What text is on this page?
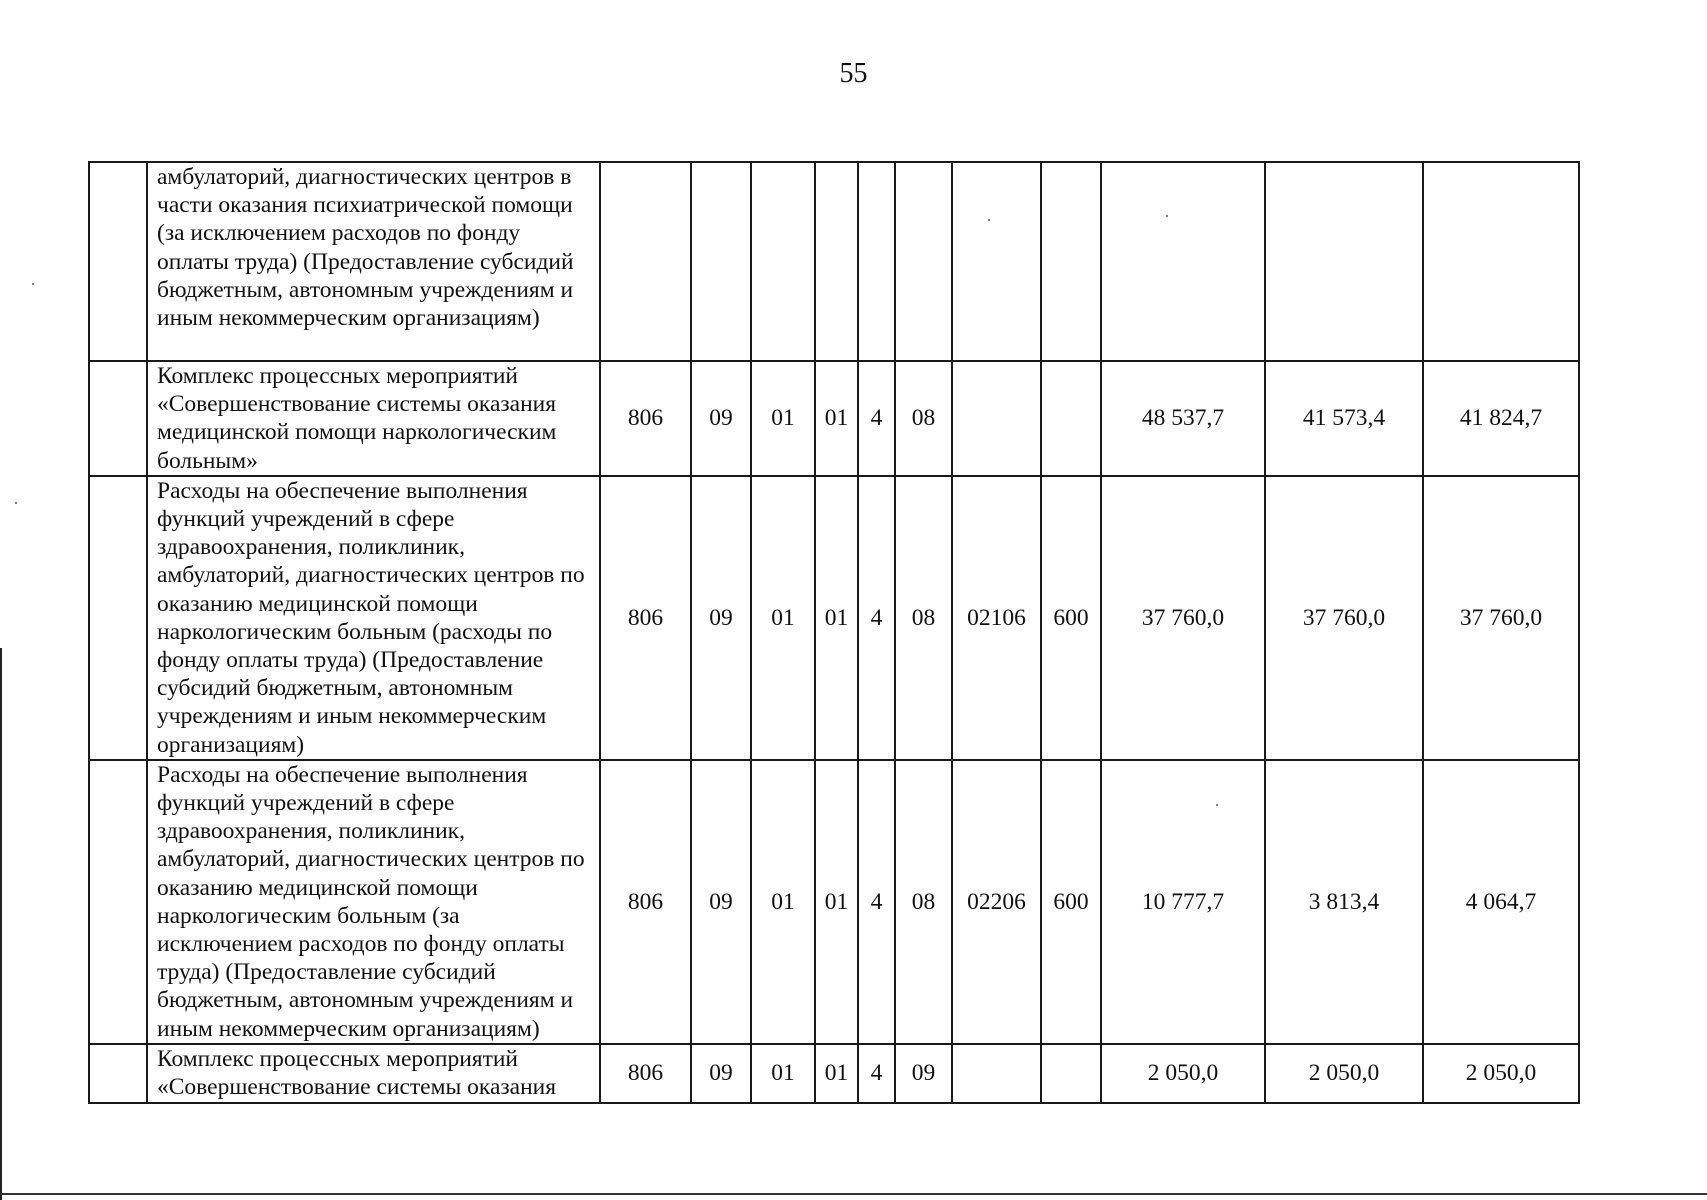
55
	амбулаторий, диагностических центров в части оказания психиатрической помощи (за исключением расходов по фонду оплаты труда) (Предоставление субсидий бюджетным, автономным учреждениям и иным некоммерческим организациям)											
	Комплекс процессных мероприятий «Совершенствование системы оказания медицинской помощи наркологическим больным»	806	09	01	01	4	08			48 537,7	41 573,4	41 824,7
	Расходы на обеспечение выполнения функций учреждений в сфере здравоохранения, поликлиник, амбулаторий, диагностических центров по оказанию медицинской помощи наркологическим больным (расходы по фонду оплаты труда) (Предоставление субсидий бюджетным, автономным учреждениям и иным некоммерческим организациям)	806	09	01	01	4	08	02106	600	37 760,0	37 760,0	37 760,0
	Расходы на обеспечение выполнения функций учреждений в сфере здравоохранения, поликлиник, амбулаторий, диагностических центров по оказанию медицинской помощи наркологическим больным (за исключением расходов по фонду оплаты труда) (Предоставление субсидий бюджетным, автономным учреждениям и иным некоммерческим организациям)	806	09	01	01	4	08	02206	600	10 777,7	3 813,4	4 064,7
	Комплекс процессных мероприятий «Совершенствование системы оказания	806	09	01	01	4	09			2 050,0	2 050,0	2 050,0
